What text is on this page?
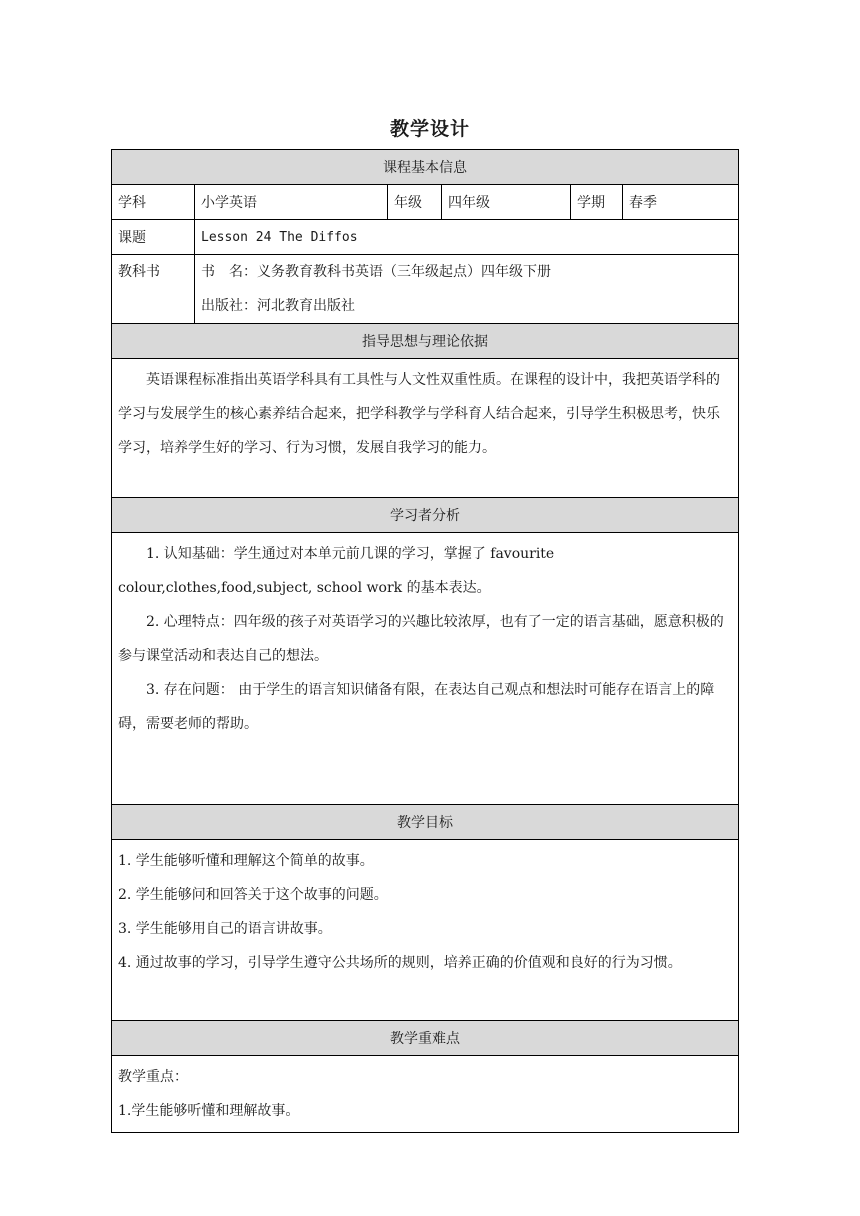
教学设计
课程基本信息					
学科	小学英语	年级	四年级	学期	春季
课题	Lesson 24 The Diffos				

教科书	书　名：义务教育教科书英语（三年级起点）四年级下册

出版社：河北教育出版社				

指导思想与理论依据					

英语课程标准指出英语学科具有工具性与人文性双重性质。在课程的设计中，我把英语学科的学习与发展学生的核心素养结合起来，把学科教学与学科育人结合起来，引导学生积极思考，快乐学习，培养学生好的学习、行为习惯，发展自我学习的能力。					

学习者分析					

1. 认知基础：学生通过对本单元前几课的学习，掌握了 favourite

colour,clothes,food,subject, school work 的基本表达。

2. 心理特点：四年级的孩子对英语学习的兴趣比较浓厚，也有了一定的语言基础，愿意积极的参与课堂活动和表达自己的想法。

3. 存在问题： 由于学生的语言知识储备有限，在表达自己观点和想法时可能存在语言上的障碍，需要老师的帮助。					

教学目标					

1. 学生能够听懂和理解这个简单的故事。

2. 学生能够问和回答关于这个故事的问题。

3. 学生能够用自己的语言讲故事。

4. 通过故事的学习，引导学生遵守公共场所的规则，培养正确的价值观和良好的行为习惯。					

教学重难点					

教学重点：

1.学生能够听懂和理解故事。					
